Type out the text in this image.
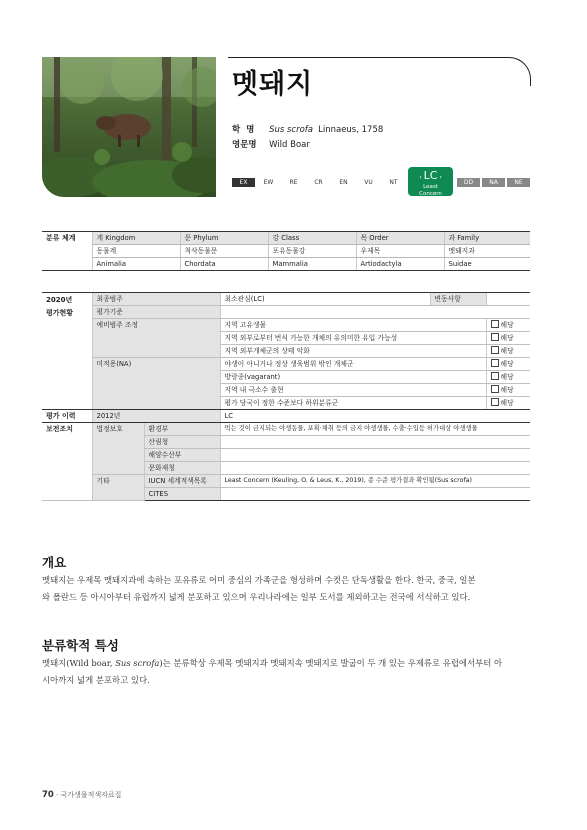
멧돼지
학  명 Sus scrofa Linnaeus, 1758
영문명 Wild Boar
EX	EW	RE	CR	EN	VU	NT
‹ LC ›
Least
Concern
DD	NA	NE
분류 체계	계 Kingdom	문 Phylum	강 Class	목 Order	과 Family
	동물계	척삭동물문	포유동물강	우제목	멧돼지과
	Animalia	Chordata	Mammalia	Artiodactyla	Suidae
2020년
평가현황	최종범주		최소관심(LC)	변동사항	
	평가기준				
	예비범주 조정		지역 고유생물		해당
			지역 외부로부터 번식 가능한 개체의 유의미한 유입 가능성		해당
			지역 외부개체군의 상태 악화		해당
	미적용(NA)		야생이 아니거나 정상 생육범위 밖인 개체군		해당
			방랑종(vagarant)		해당
			지역 내 극소수 출현		해당
			평가 당국이 정한 수준보다 하위분류군		해당
평가 이력	2012년		LC		
보전조치	법정보호	환경부	먹는 것이 금지되는 야생동물, 포획·채취 등의 금지 야생생물, 수출·수입등 허가대상 야생생물		
		산림청			
		해양수산부			
		문화재청			
	기타	IUCN 세계적색목록	Least Concern (Keuling, O. & Leus, K., 2019), 종 수준 평가결과 확인됨(Sus scrofa)		
		CITES			
개요
멧돼지는 우제목 멧돼지과에 속하는 포유류로 어미 중심의 가족군을 형성하며 수컷은 단독생활을 한다. 한국, 중국, 일본
와 폴란드 등 아시아부터 유럽까지 넓게 분포하고 있으며 우리나라에는 일부 도서를 제외하고는 전국에 서식하고 있다.
분류학적 특성
멧돼지(Wild boar, Sus scrofa)는 분류학상 우제목 멧돼지과 멧돼지속 멧돼지로 발굽이 두 개 있는 우제류로 유럽에서부터 아
시아까지 넓게 분포하고 있다.
70 · 국가생물적색자료집
